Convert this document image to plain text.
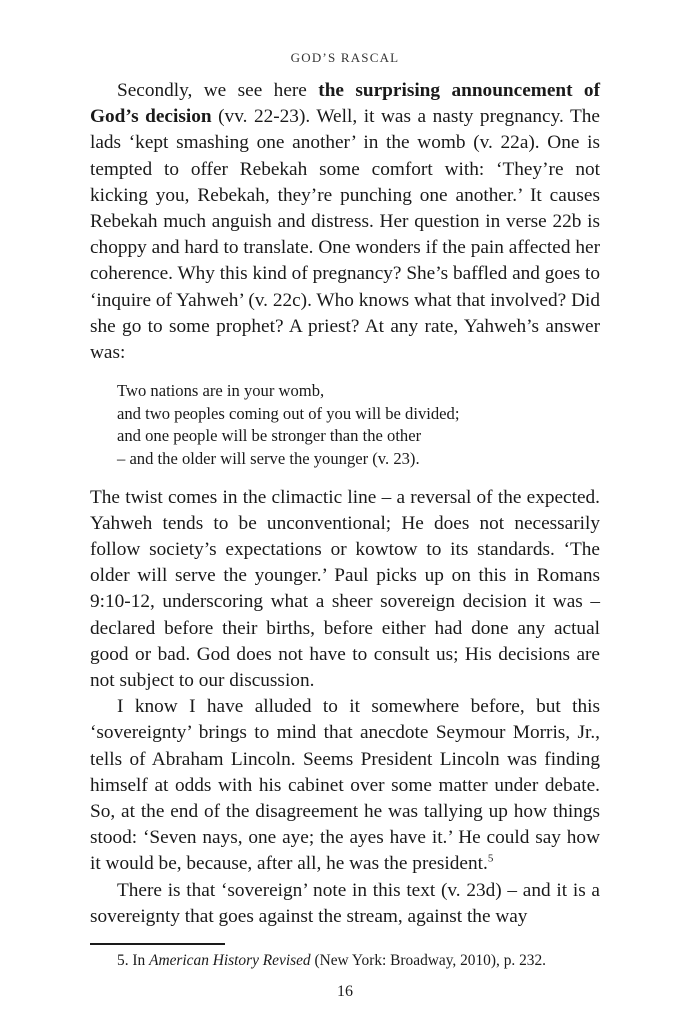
GOD’S RASCAL

Secondly, we see here the surprising announcement of God’s decision (vv. 22-23). Well, it was a nasty pregnancy. The lads ‘kept smashing one another’ in the womb (v. 22a). One is tempted to offer Rebekah some comfort with: ‘They’re not kicking you, Rebekah, they’re punching one another.’ It causes Rebekah much anguish and distress. Her question in verse 22b is choppy and hard to translate. One wonders if the pain affected her coherence. Why this kind of pregnancy? She’s baffled and goes to ‘inquire of Yahweh’ (v. 22c). Who knows what that involved? Did she go to some prophet? A priest? At any rate, Yahweh’s answer was:

Two nations are in your womb,
and two peoples coming out of you will be divided;
and one people will be stronger than the other
– and the older will serve the younger (v. 23).

The twist comes in the climactic line – a reversal of the expected. Yahweh tends to be unconventional; He does not necessarily follow society’s expectations or kowtow to its standards. ‘The older will serve the younger.’ Paul picks up on this in Romans 9:10-12, underscoring what a sheer sovereign decision it was – declared before their births, before either had done any actual good or bad. God does not have to consult us; His decisions are not subject to our discussion.

I know I have alluded to it somewhere before, but this ‘sovereignty’ brings to mind that anecdote Seymour Morris, Jr., tells of Abraham Lincoln. Seems President Lincoln was finding himself at odds with his cabinet over some matter under debate. So, at the end of the disagreement he was tallying up how things stood: ‘Seven nays, one aye; the ayes have it.’ He could say how it would be, because, after all, he was the president.$^5$

There is that ‘sovereign’ note in this text (v. 23d) – and it is a sovereignty that goes against the stream, against the way

5. In American History Revised (New York: Broadway, 2010), p. 232.
16
